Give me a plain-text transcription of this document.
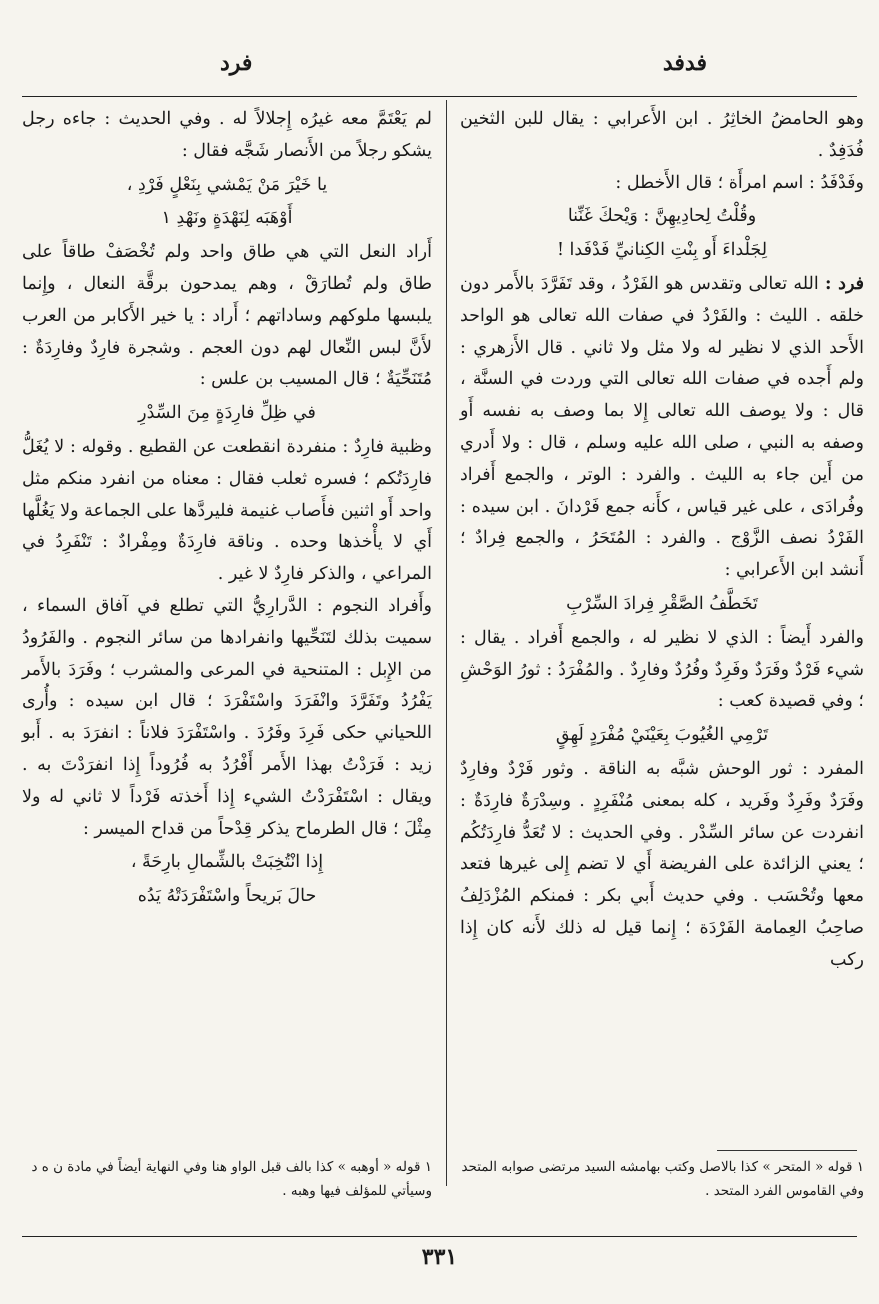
فدفد
فرد

وهو الحامضُ الخاثِرُ . ابن الأَعرابي : يقال للبن الثخين فُدَفِدٌ .

وفَدْفَدُ : اسم امرأَة ؛ قال الأَخطل :

وقُلْتُ لِحادِيهِنَّ : وَيْحكَ غَنِّنا

لِجَلْداءَ أَو بِنْتِ الكِنانيِّ فَدْفَدا !

فرد : الله تعالى وتقدس هو الفَرْدُ ، وقد تَفَرَّدَ بالأَمر دون خلقه . الليث : والفَرْدُ في صفات الله تعالى هو الواحد الأَحد الذي لا نظير له ولا مثل ولا ثاني . قال الأَزهري : ولم أَجده في صفات الله تعالى التي وردت في السنَّة ، قال : ولا يوصف الله تعالى إِلا بما وصف به نفسه أَو وصفه به النبي ، صلى الله عليه وسلم ، قال : ولا أَدري من أَين جاء به الليث . والفرد : الوتر ، والجمع أَفراد وفُرادَى ، على غير قياس ، كأَنه جمع فَرْدانَ . ابن سيده : الفَرْدُ نصف الزَّوْج . والفرد : المُتَحَرُ ، والجمع فِرادٌ ؛ أَنشد ابن الأَعرابي :

تَخَطَّفُ الصَّقْرِ فِرادَ السِّرْبِ

والفرد أَيضاً : الذي لا نظير له ، والجمع أَفراد . يقال : شيء فَرْدٌ وفَرَدٌ وفَرِدٌ وفُرُدٌ وفارِدٌ . والمُفْرَدُ : ثورُ الوَحْشِ ؛ وفي قصيدة كعب :

تَرْمِي الغُيُوبَ بِعَيْنَيْ مُفْرَدٍ لَهِقٍ

المفرد : ثور الوحش شبَّه به الناقة . وثور فَرْدٌ وفارِدٌ وفَرَدٌ وفَرِدٌ وفَريد ، كله بمعنى مُنْفَرِدٍ . وسِدْرَةٌ فارِدَةٌ : انفردت عن سائر السِّدْر . وفي الحديث : لا تُعَدُّ فارِدَتُكُم ؛ يعني الزائدة على الفريضة أَي لا تضم إِلى غيرها فتعد معها وتُحْسَب . وفي حديث أَبي بكر : فمنكم المُزْدَلِفُ صاحِبُ العِمامة الفَرْدَة ؛ إِنما قيل له ذلك لأَنه كان إِذا ركب

لم يَعْتَمَّ معه غيرُه إِجلالاً له . وفي الحديث : جاءه رجل يشكو رجلاً من الأَنصار شَجَّه فقال :

يا خَيْرَ مَنْ يَمْشي بِنَعْلٍ فَرْدِ ،

أَوْهَبَه لِنَهْدَةٍ ونَهْدِ ١

أَراد النعل التي هي طاق واحد ولم تُخْصَفْ طاقاً على طاق ولم تُطارَقْ ، وهم يمدحون برقَّة النعال ، وإِنما يلبسها ملوكهم وساداتهم ؛ أَراد : يا خير الأَكابر من العرب لأَنَّ لبس النِّعال لهم دون العجم . وشجرة فارِدٌ وفارِدَةٌ : مُتَنَحِّيَةٌ ؛ قال المسيب بن علس :

في ظِلِّ فارِدَةٍ مِنَ السِّدْرِ

وظبية فارِدٌ : منفردة انقطعت عن القطيع . وقوله : لا يُغَلُّ فارِدَتُكم ؛ فسره ثعلب فقال : معناه من انفرد منكم مثل واحد أَو اثنين فأَصاب غنيمة فليردَّها على الجماعة ولا يَغُلَّها أَي لا يأْخذها وحده . وناقة فارِدَةٌ ومِفْرادٌ : تَنْفَرِدُ في المراعي ، والذكر فارِدٌ لا غير .

وأَفراد النجوم : الدَّرارِيُّ التي تطلع في آفاق السماء ، سميت بذلك لتَنَحِّيها وانفرادها من سائر النجوم . والفَرُودُ من الإِبل : المتنحية في المرعى والمشرب ؛ وفَرَدَ بالأَمر يَفْرُدُ وتَفَرَّدَ وانْفَرَدَ واسْتَفْرَدَ ؛ قال ابن سيده : وأُرى اللحياني حكى فَرِدَ وفَرُدَ . واسْتَفْرَدَ فلاناً : انفرَدَ به . أَبو زيد : فَرَدْتُ بهذا الأَمر أَفْرُدُ به فُرُوداً إِذا انفرَدْتَ به . ويقال : اسْتَفْرَدْتُ الشيء إِذا أَخذته فَرْداً لا ثاني له ولا مِثْلَ ؛ قال الطرماح يذكر قِدْحاً من قداح الميسر :

إِذا انْتُخِبَتْ بالشِّمالِ بارِحَةً ،

حالَ بَريحاً واسْتَفْرَدَتْهُ يَدُه

١ قوله « المتحر » كذا بالاصل وكتب بهامشه السيد مرتضى صوابه المتحد وفي القاموس الفرد المتحد .
١ قوله « أوهبه » كذا بالف قبل الواو هنا وفي النهاية أيضاً في مادة ن ه د وسيأتي للمؤلف فيها وهبه .
٣٣١
